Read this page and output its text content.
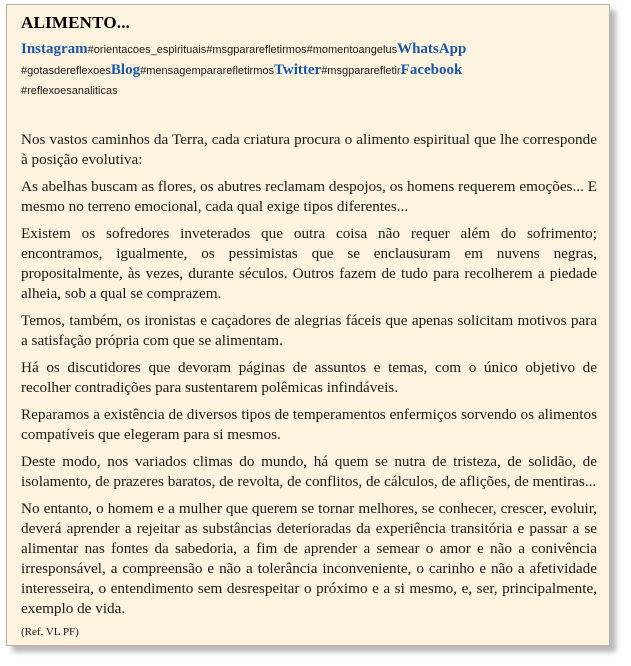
ALIMENTO...
Instagram #orientacoes_espirituais #msgpararefletirmos #momentoangelus WhatsApp
#gotasdereflexoes Blog #mensagempararefletirmos Twitter #msgpararefletir Facebook
#reflexoesanaliticas

Nos vastos caminhos da Terra, cada criatura procura o alimento espiritual que lhe corresponde à posição evolutiva:

As abelhas buscam as flores, os abutres reclamam despojos, os homens requerem emoções... E mesmo no terreno emocional, cada qual exige tipos diferentes...

Existem os sofredores inveterados que outra coisa não requer além do sofrimento; encontramos, igualmente, os pessimistas que se enclausuram em nuvens negras, propositalmente, às vezes, durante séculos. Outros fazem de tudo para recolherem a piedade alheia, sob a qual se comprazem.

Temos, também, os ironistas e caçadores de alegrias fáceis que apenas solicitam motivos para a satisfação própria com que se alimentam.

Há os discutidores que devoram páginas de assuntos e temas, com o único objetivo de recolher contradições para sustentarem polêmicas infindáveis.

Reparamos a existência de diversos tipos de temperamentos enfermiços sorvendo os alimentos compatíveis que elegeram para si mesmos.

Deste modo, nos variados climas do mundo, há quem se nutra de tristeza, de solidão, de isolamento, de prazeres baratos, de revolta, de conflitos, de cálculos, de aflições, de mentiras...

No entanto, o homem e a mulher que querem se tornar melhores, se conhecer, crescer, evoluir, deverá aprender a rejeitar as substâncias deterioradas da experiência transitória e passar a se alimentar nas fontes da sabedoria, a fim de aprender a semear o amor e não a conivência irresponsável, a compreensão e não a tolerância inconveniente, o carinho e não a afetividade interesseira, o entendimento sem desrespeitar o próximo e a si mesmo, e, ser, principalmente, exemplo de vida.

(Ref. VL PF)
